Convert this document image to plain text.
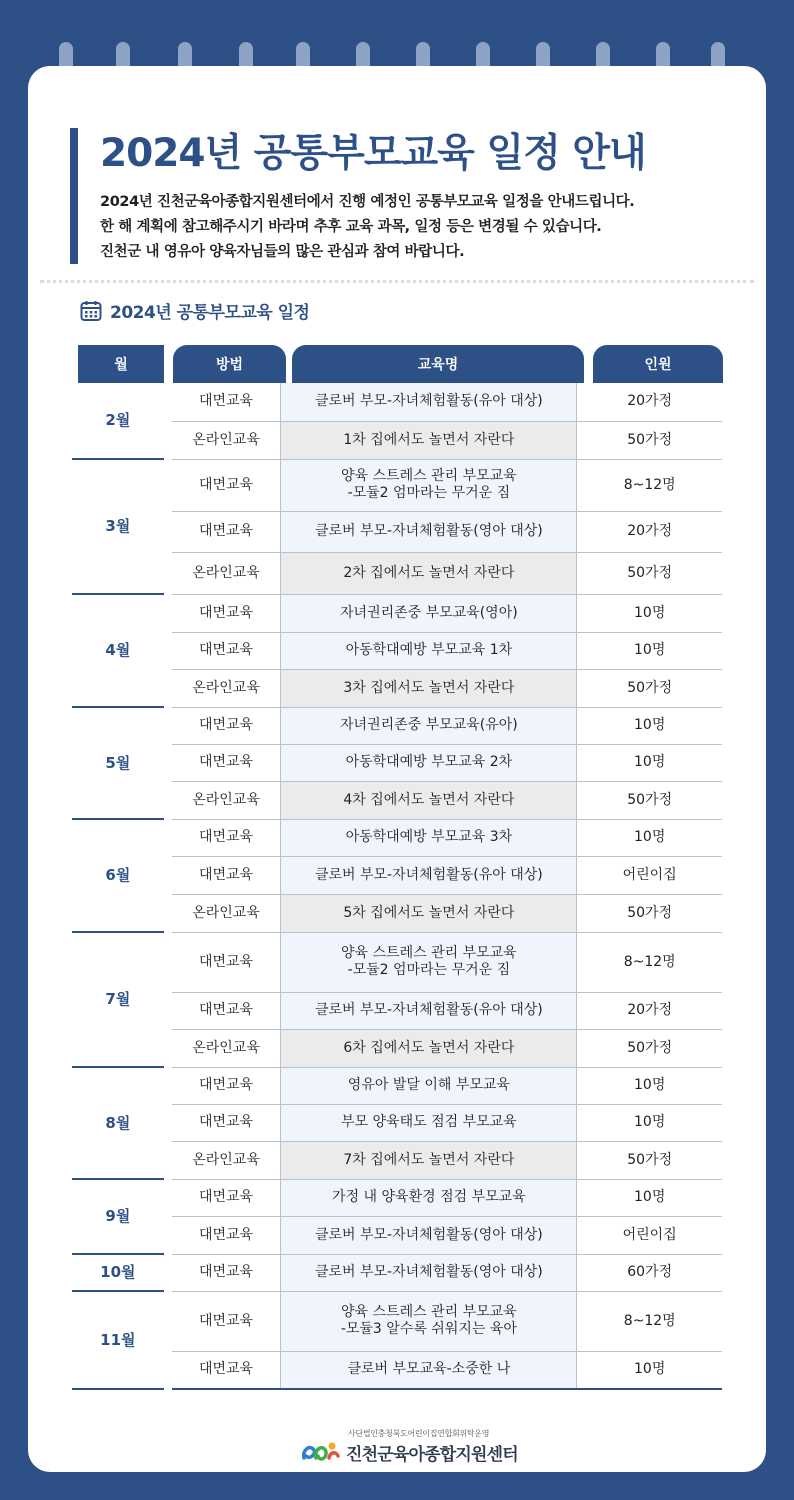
2024년 공통부모교육 일정 안내
2024년 진천군육아종합지원센터에서 진행 예정인 공통부모교육 일정을 안내드립니다.
한 해 계획에 참고해주시기 바라며 추후 교육 과목, 일정 등은 변경될 수 있습니다.
진천군 내 영유아 양육자님들의 많은 관심과 참여 바랍니다.
2024년 공통부모교육 일정
월	방법	교육명	인원
2월		대면교육	클로버 부모-자녀체험활동(유아 대상)	20가정
		온라인교육	1차 집에서도 놀면서 자란다	50가정
3월		대면교육	양육 스트레스 관리 부모교육
-모듈2 엄마라는 무거운 짐	8~12명
		대면교육	클로버 부모-자녀체험활동(영아 대상)	20가정
		온라인교육	2차 집에서도 놀면서 자란다	50가정
4월		대면교육	자녀권리존중 부모교육(영아)	10명
		대면교육	아동학대예방 부모교육 1차	10명
		온라인교육	3차 집에서도 놀면서 자란다	50가정
5월		대면교육	자녀권리존중 부모교육(유아)	10명
		대면교육	아동학대예방 부모교육 2차	10명
		온라인교육	4차 집에서도 놀면서 자란다	50가정
6월		대면교육	아동학대예방 부모교육 3차	10명
		대면교육	클로버 부모-자녀체험활동(유아 대상)	어린이집
		온라인교육	5차 집에서도 놀면서 자란다	50가정
7월		대면교육	양육 스트레스 관리 부모교육
-모듈2 엄마라는 무거운 짐	8~12명
		대면교육	클로버 부모-자녀체험활동(유아 대상)	20가정
		온라인교육	6차 집에서도 놀면서 자란다	50가정
8월		대면교육	영유아 발달 이해 부모교육	10명
		대면교육	부모 양육태도 점검 부모교육	10명
		온라인교육	7차 집에서도 놀면서 자란다	50가정
9월		대면교육	가정 내 양육환경 점검 부모교육	10명
		대면교육	클로버 부모-자녀체험활동(영아 대상)	어린이집
10월		대면교육	클로버 부모-자녀체험활동(영아 대상)	60가정
11월		대면교육	양육 스트레스 관리 부모교육
-모듈3 알수록 쉬워지는 육아	8~12명
		대면교육	클로버 부모교육-소중한 나	10명
사단법인충청북도어린이집연합회위탁운영
진천군육아종합지원센터
